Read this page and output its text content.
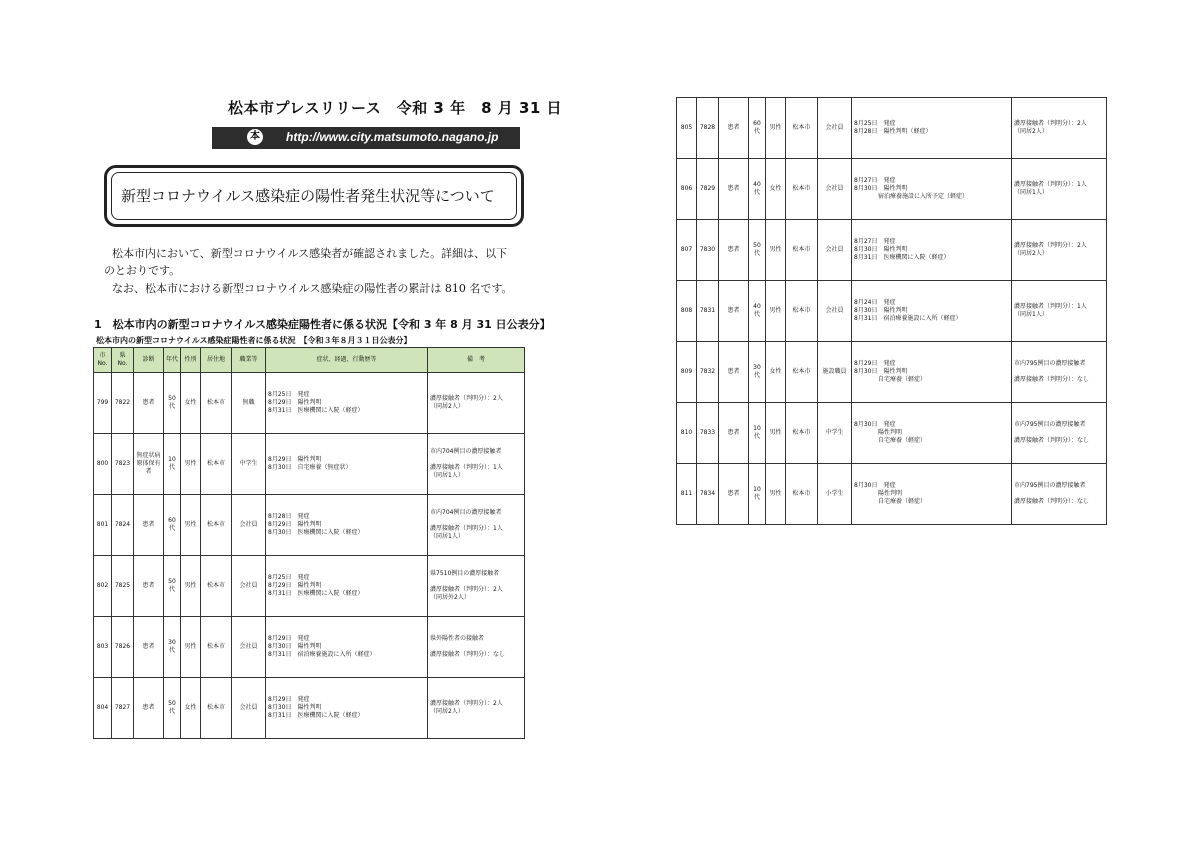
松本市プレスリリース　令和 3 年　8 月 31 日
本 http://www.city.matsumoto.nagano.jp
新型コロナウイルス感染症の陽性者発生状況等について
松本市内において、新型コロナウイルス感染者が確認されました。詳細は、以下
のとおりです。
なお、松本市における新型コロナウイルス感染症の陽性者の累計は 810 名です。
1　松本市内の新型コロナウイルス感染症陽性者に係る状況【令和 3 年 8 月 31 日公表分】
松本市内の新型コロナウイルス感染症陽性者に係る状況　【令和３年８月３１日公表分】
市
No.	県
No.	診断	年代	性別	居住地	職業等	症状、経過、行動歴等	備　考
799	7822	患者	50代	女性	松本市	無職	8月25日　発症
8月29日　陽性判明
8月31日　医療機関に入院（軽症）	濃厚接触者（判明分）：2人
（同居2人）
800	7823	無症状病
原体保有
者	10代	男性	松本市	中学生	8月29日　陽性判明
8月30日　自宅療養（無症状）	市内704例目の濃厚接触者

濃厚接触者（判明分）：1人
（同居1人）
801	7824	患者	60代	男性	松本市	会社員	8月28日　発症
8月29日　陽性判明
8月30日　医療機関に入院（軽症）	市内704例目の濃厚接触者

濃厚接触者（判明分）：1人
（同居1人）
802	7825	患者	50代	男性	松本市	会社員	8月25日　発症
8月29日　陽性判明
8月31日　医療機関に入院（軽症）	県7510例目の濃厚接触者

濃厚接触者（判明分）：2人
（同居外2人）
803	7826	患者	30代	男性	松本市	会社員	8月29日　発症
8月30日　陽性判明
8月31日　宿泊療養施設に入所（軽症）	県外陽性者の接触者

濃厚接触者（判明分）：なし
804	7827	患者	50代	女性	松本市	会社員	8月29日　発症
8月30日　陽性判明
8月31日　医療機関に入院（軽症）	濃厚接触者（判明分）：2人
（同居2人）
805	7828	患者	60代	男性	松本市	会社員	8月25日　発症
8月28日　陽性判明（軽症）	濃厚接触者（判明分）：2人
（同居2人）
806	7829	患者	40代	女性	松本市	会社員	8月27日　発症
8月30日　陽性判明
　　　　宿泊療養施設に入所予定（軽症）	濃厚接触者（判明分）：1人
（同居1人）
807	7830	患者	50代	男性	松本市	会社員	8月27日　発症
8月30日　陽性判明
8月31日　医療機関に入院（軽症）	濃厚接触者（判明分）：2人
（同居2人）
808	7831	患者	40代	男性	松本市	会社員	8月24日　発症
8月30日　陽性判明
8月31日　宿泊療養施設に入所（軽症）	濃厚接触者（判明分）：1人
（同居1人）
809	7832	患者	30代	女性	松本市	施設職員	8月29日　発症
8月30日　陽性判明
　　　　自宅療養（軽症）	市内795例目の濃厚接触者

濃厚接触者（判明分）：なし
810	7833	患者	10代	男性	松本市	中学生	8月30日　発症
　　　　陽性判明
　　　　自宅療養（軽症）	市内795例目の濃厚接触者

濃厚接触者（判明分）：なし
811	7834	患者	10代	男性	松本市	小学生	8月30日　発症
　　　　陽性判明
　　　　自宅療養（軽症）	市内795例目の濃厚接触者

濃厚接触者（判明分）：なし
